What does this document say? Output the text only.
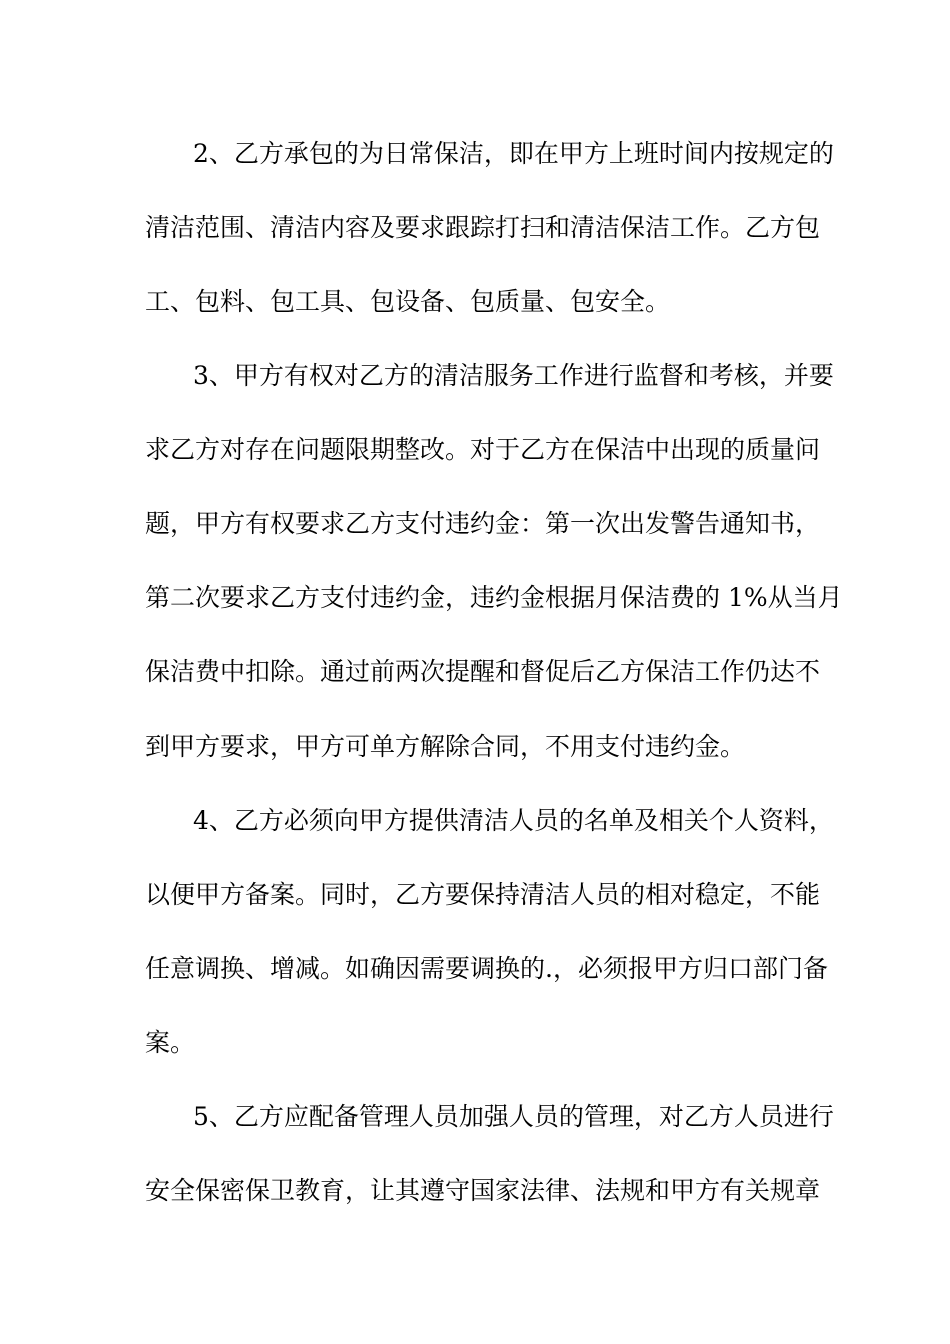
2、乙方承包的为日常保洁，即在甲方上班时间内按规定的
清洁范围、清洁内容及要求跟踪打扫和清洁保洁工作。乙方包
工、包料、包工具、包设备、包质量、包安全。
3、甲方有权对乙方的清洁服务工作进行监督和考核，并要
求乙方对存在问题限期整改。对于乙方在保洁中出现的质量问
题，甲方有权要求乙方支付违约金：第一次出发警告通知书，
第二次要求乙方支付违约金，违约金根据月保洁费的 1%从当月
保洁费中扣除。通过前两次提醒和督促后乙方保洁工作仍达不
到甲方要求，甲方可单方解除合同，不用支付违约金。
4、乙方必须向甲方提供清洁人员的名单及相关个人资料，
以便甲方备案。同时，乙方要保持清洁人员的相对稳定，不能
任意调换、增减。如确因需要调换的.，必须报甲方归口部门备
案。
5、乙方应配备管理人员加强人员的管理，对乙方人员进行
安全保密保卫教育，让其遵守国家法律、法规和甲方有关规章
